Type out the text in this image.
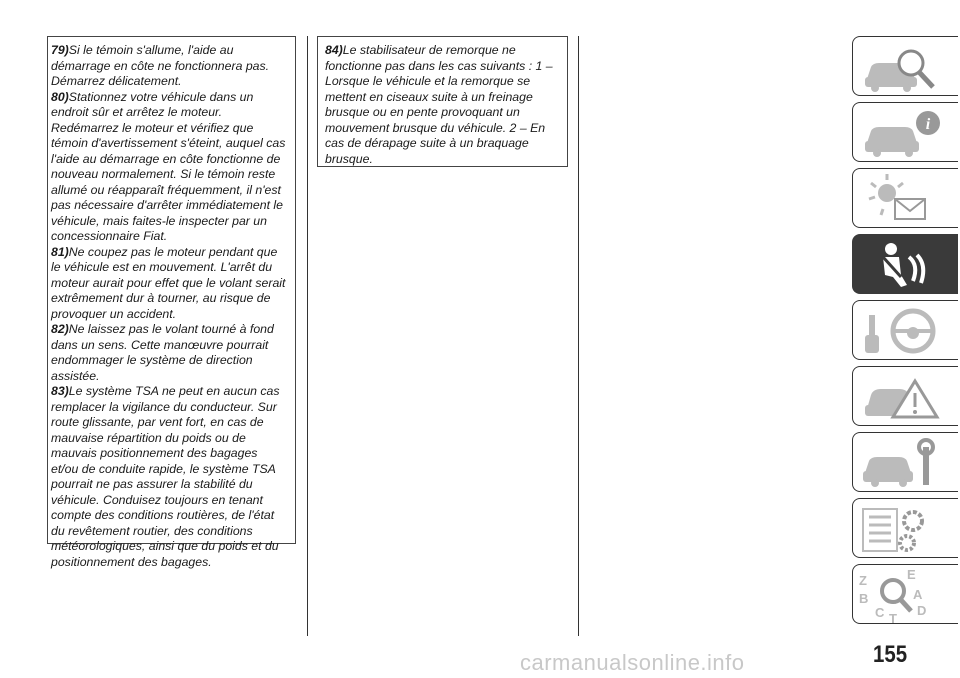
79)Si le témoin s'allume, l'aide au
démarrage en côte ne fonctionnera pas.
Démarrez délicatement.
80)Stationnez votre véhicule dans un
endroit sûr et arrêtez le moteur.
Redémarrez le moteur et vérifiez que
témoin d'avertissement s'éteint, auquel cas
l'aide au démarrage en côte fonctionne de
nouveau normalement. Si le témoin reste
allumé ou réapparaît fréquemment, il n'est
pas nécessaire d'arrêter immédiatement le
véhicule, mais faites-le inspecter par un
concessionnaire Fiat.
81)Ne coupez pas le moteur pendant que
le véhicule est en mouvement. L'arrêt du
moteur aurait pour effet que le volant serait
extrêmement dur à tourner, au risque de
provoquer un accident.
82)Ne laissez pas le volant tourné à fond
dans un sens. Cette manœuvre pourrait
endommager le système de direction
assistée.
83)Le système TSA ne peut en aucun cas
remplacer la vigilance du conducteur. Sur
route glissante, par vent fort, en cas de
mauvaise répartition du poids ou de
mauvais positionnement des bagages
et/ou de conduite rapide, le système TSA
pourrait ne pas assurer la stabilité du
véhicule. Conduisez toujours en tenant
compte des conditions routières, de l'état
du revêtement routier, des conditions
météorologiques, ainsi que du poids et du
positionnement des bagages.
84)Le stabilisateur de remorque ne
fonctionne pas dans les cas suivants : 1 –
Lorsque le véhicule et la remorque se
mettent en ciseaux suite à un freinage
brusque ou en pente provoquant un
mouvement brusque du véhicule. 2 – En
cas de dérapage suite à un braquage
brusque.
i
Z	E
B	A
C T
D
155
carmanualsonline.info
